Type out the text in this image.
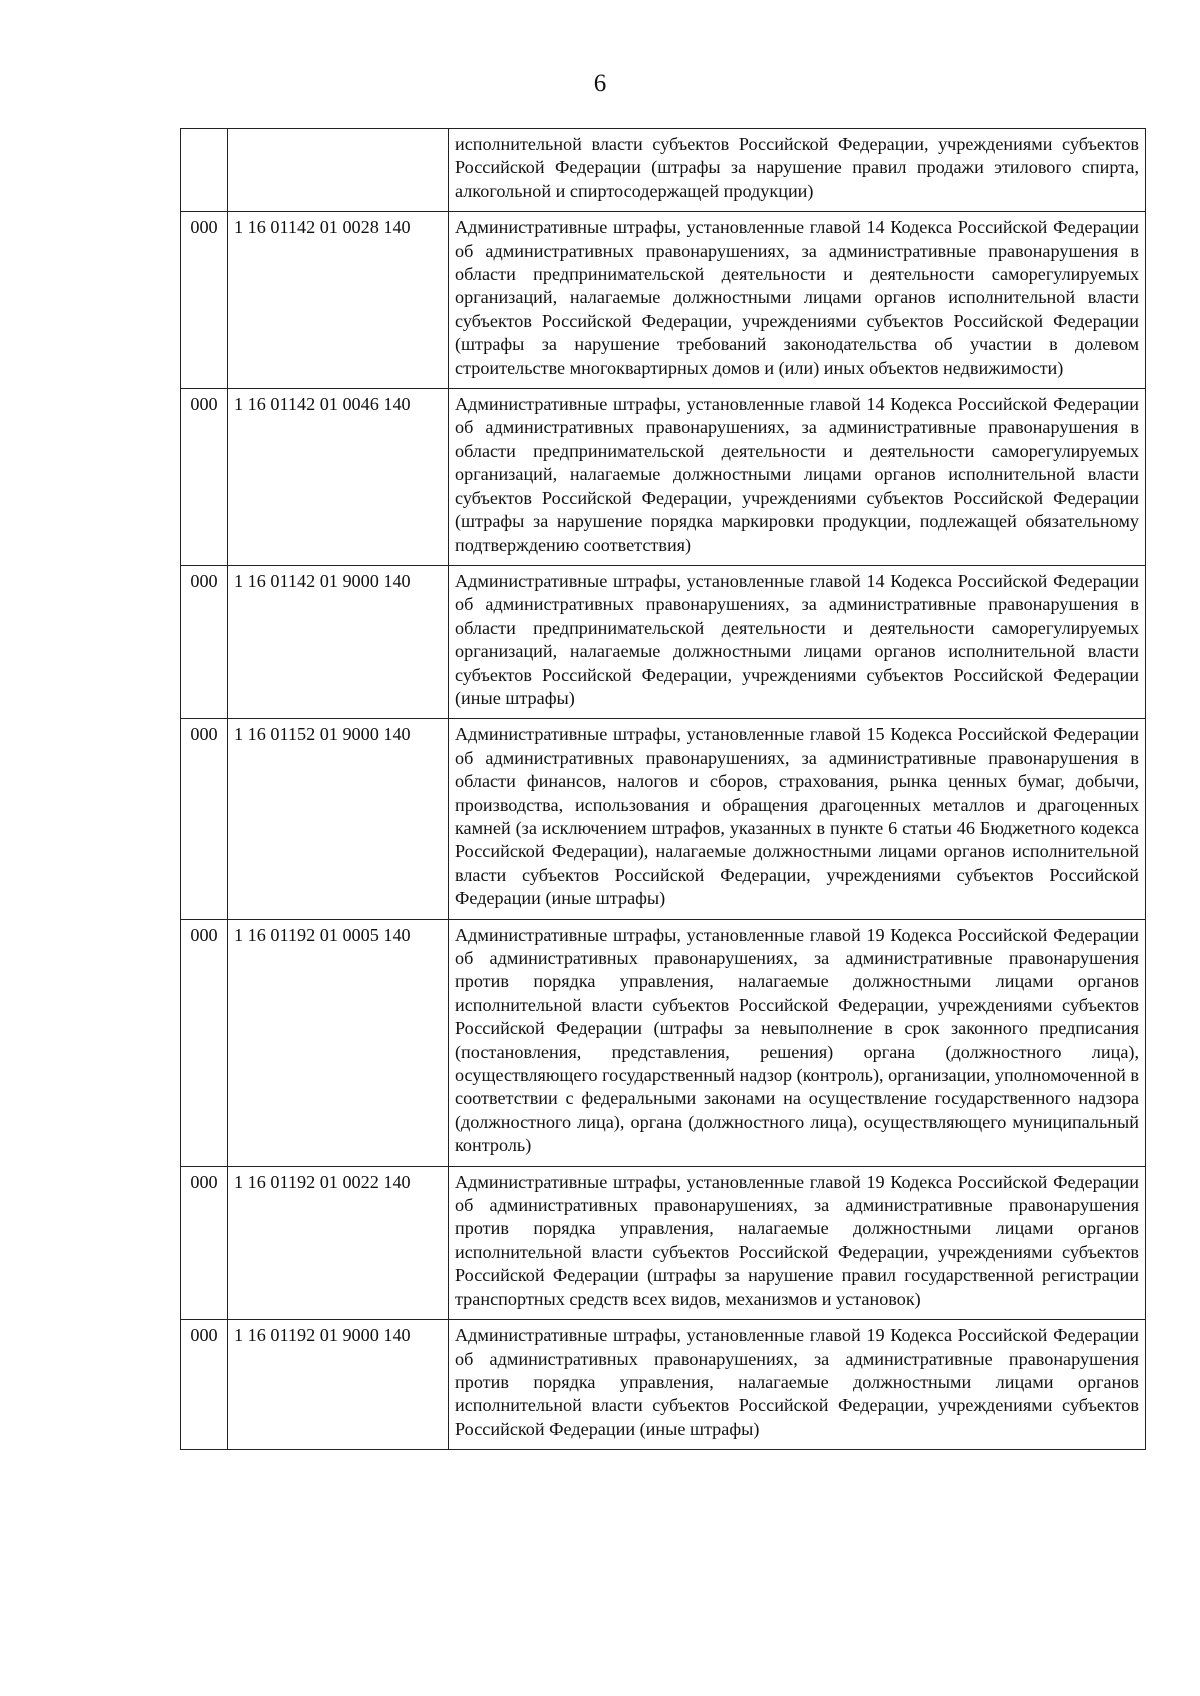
6
		исполнительной власти субъектов Российской Федерации, учреждениями субъектов Российской Федерации (штрафы за нарушение правил продажи этилового спирта, алкогольной и спиртосодержащей продукции)
000	1 16 01142 01 0028 140	Административные штрафы, установленные главой 14 Кодекса Российской Федерации об административных правонарушениях, за административные правонарушения в области предпринимательской деятельности и деятельности саморегулируемых организаций, налагаемые должностными лицами органов исполнительной власти субъектов Российской Федерации, учреждениями субъектов Российской Федерации (штрафы за нарушение требований законодательства об участии в долевом строительстве многоквартирных домов и (или) иных объектов недвижимости)
000	1 16 01142 01 0046 140	Административные штрафы, установленные главой 14 Кодекса Российской Федерации об административных правонарушениях, за административные правонарушения в области предпринимательской деятельности и деятельности саморегулируемых организаций, налагаемые должностными лицами органов исполнительной власти субъектов Российской Федерации, учреждениями субъектов Российской Федерации (штрафы за нарушение порядка маркировки продукции, подлежащей обязательному подтверждению соответствия)
000	1 16 01142 01 9000 140	Административные штрафы, установленные главой 14 Кодекса Российской Федерации об административных правонарушениях, за административные правонарушения в области предпринимательской деятельности и деятельности саморегулируемых организаций, налагаемые должностными лицами органов исполнительной власти субъектов Российской Федерации, учреждениями субъектов Российской Федерации (иные штрафы)
000	1 16 01152 01 9000 140	Административные штрафы, установленные главой 15 Кодекса Российской Федерации об административных правонарушениях, за административные правонарушения в области финансов, налогов и сборов, страхования, рынка ценных бумаг, добычи, производства, использования и обращения драгоценных металлов и драгоценных камней (за исключением штрафов, указанных в пункте 6 статьи 46 Бюджетного кодекса Российской Федерации), налагаемые должностными лицами органов исполнительной власти субъектов Российской Федерации, учреждениями субъектов Российской Федерации (иные штрафы)
000	1 16 01192 01 0005 140	Административные штрафы, установленные главой 19 Кодекса Российской Федерации об административных правонарушениях, за административные правонарушения против порядка управления, налагаемые должностными лицами органов исполнительной власти субъектов Российской Федерации, учреждениями субъектов Российской Федерации (штрафы за невыполнение в срок законного предписания (постановления, представления, решения) органа (должностного лица), осуществляющего государственный надзор (контроль), организации, уполномоченной в соответствии с федеральными законами на осуществление государственного надзора (должностного лица), органа (должностного лица), осуществляющего муниципальный контроль)
000	1 16 01192 01 0022 140	Административные штрафы, установленные главой 19 Кодекса Российской Федерации об административных правонарушениях, за административные правонарушения против порядка управления, налагаемые должностными лицами органов исполнительной власти субъектов Российской Федерации, учреждениями субъектов Российской Федерации (штрафы за нарушение правил государственной регистрации транспортных средств всех видов, механизмов и установок)
000	1 16 01192 01 9000 140	Административные штрафы, установленные главой 19 Кодекса Российской Федерации об административных правонарушениях, за административные правонарушения против порядка управления, налагаемые должностными лицами органов исполнительной власти субъектов Российской Федерации, учреждениями субъектов Российской Федерации (иные штрафы)
